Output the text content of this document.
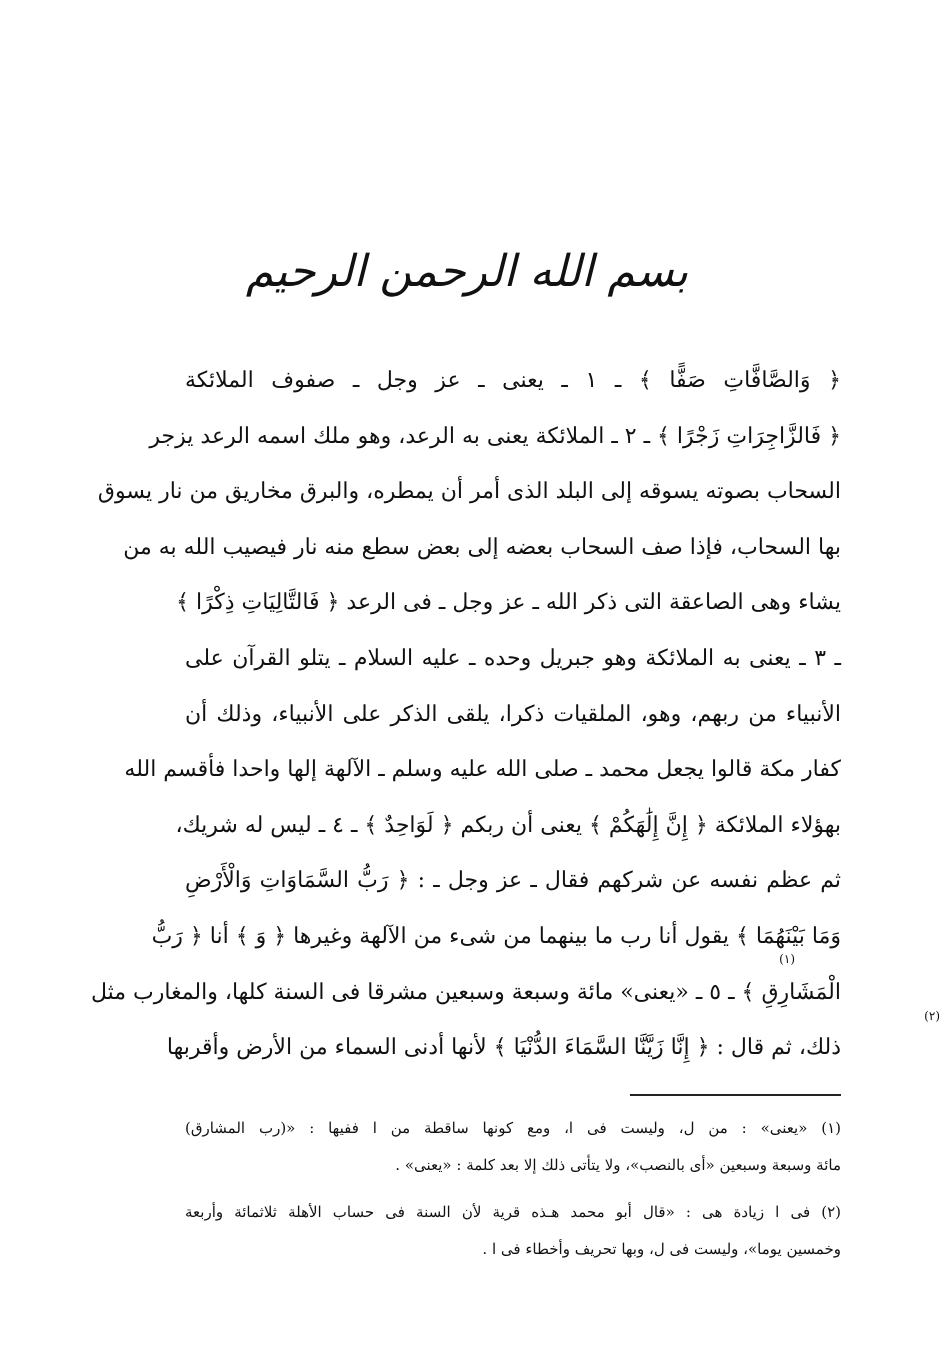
بسم الله الرحمن الرحيم
﴿ وَالصَّافَّاتِ صَفًّا ﴾ ـ ١ ـ يعنى ـ عز وجل ـ صفوف الملائكة
﴿ فَالزَّاجِرَاتِ زَجْرًا ﴾ ـ ٢ ـ الملائكة يعنى به الرعد، وهو ملك اسمه الرعد يزجر
السحاب بصوته يسوقه إلى البلد الذى أمر أن يمطره، والبرق مخاريق من نار يسوق
بها السحاب، فإذا صف السحاب بعضه إلى بعض سطع منه نار فيصيب الله به من
يشاء وهى الصاعقة التى ذكر الله ـ عز وجل ـ فى الرعد ﴿ فَالتَّالِيَاتِ ذِكْرًا ﴾
ـ ٣ ـ يعنى به الملائكة وهو جبريل وحده ـ عليه السلام ـ يتلو القرآن على
الأنبياء من ربهم، وهو، الملقيات ذكرا، يلقى الذكر على الأنبياء، وذلك أن
كفار مكة قالوا يجعل محمد ـ صلى الله عليه وسلم ـ الآلهة إلها واحدا فأقسم الله
بهؤلاء الملائكة ﴿ إِنَّ إِلَٰهَكُمْ ﴾ يعنى أن ربكم ﴿ لَوَاحِدٌ ﴾ ـ ٤ ـ ليس له شريك،
ثم عظم نفسه عن شركهم فقال ـ عز وجل ـ : ﴿ رَبُّ السَّمَاوَاتِ وَالْأَرْضِ
وَمَا بَيْنَهُمَا ﴾ يقول أنا رب ما بينهما من شىء من الآلهة وغيرها ﴿ وَ ﴾ أنا ﴿ رَبُّ
الْمَشَارِقِ ﴾ ـ ٥ ـ «يعنى» مائة وسبعة وسبعين مشرقا فى السنة كلها، والمغارب مثل
ذلك، ثم قال : ﴿ إِنَّا زَيَّنَّا السَّمَاءَ الدُّنْيَا ﴾ لأنها أدنى السماء من الأرض وأقربها
(١)
(٢)
(١) «يعنى» : من ل، وليست فى ا، ومع كونها ساقطة من ا ففيها : «(رب المشارق)
مائة وسبعة وسبعين «أى بالنصب»، ولا يتأتى ذلك إلا بعد كلمة : «يعنى» .
(٢) فى ا زيادة هى : «قال أبو محمد هـذه قرية لأن السنة فى حساب الأهلة ثلاثمائة وأربعة
وخمسين يوما»، وليست فى ل، وبها تحريف وأخطاء فى ا .
